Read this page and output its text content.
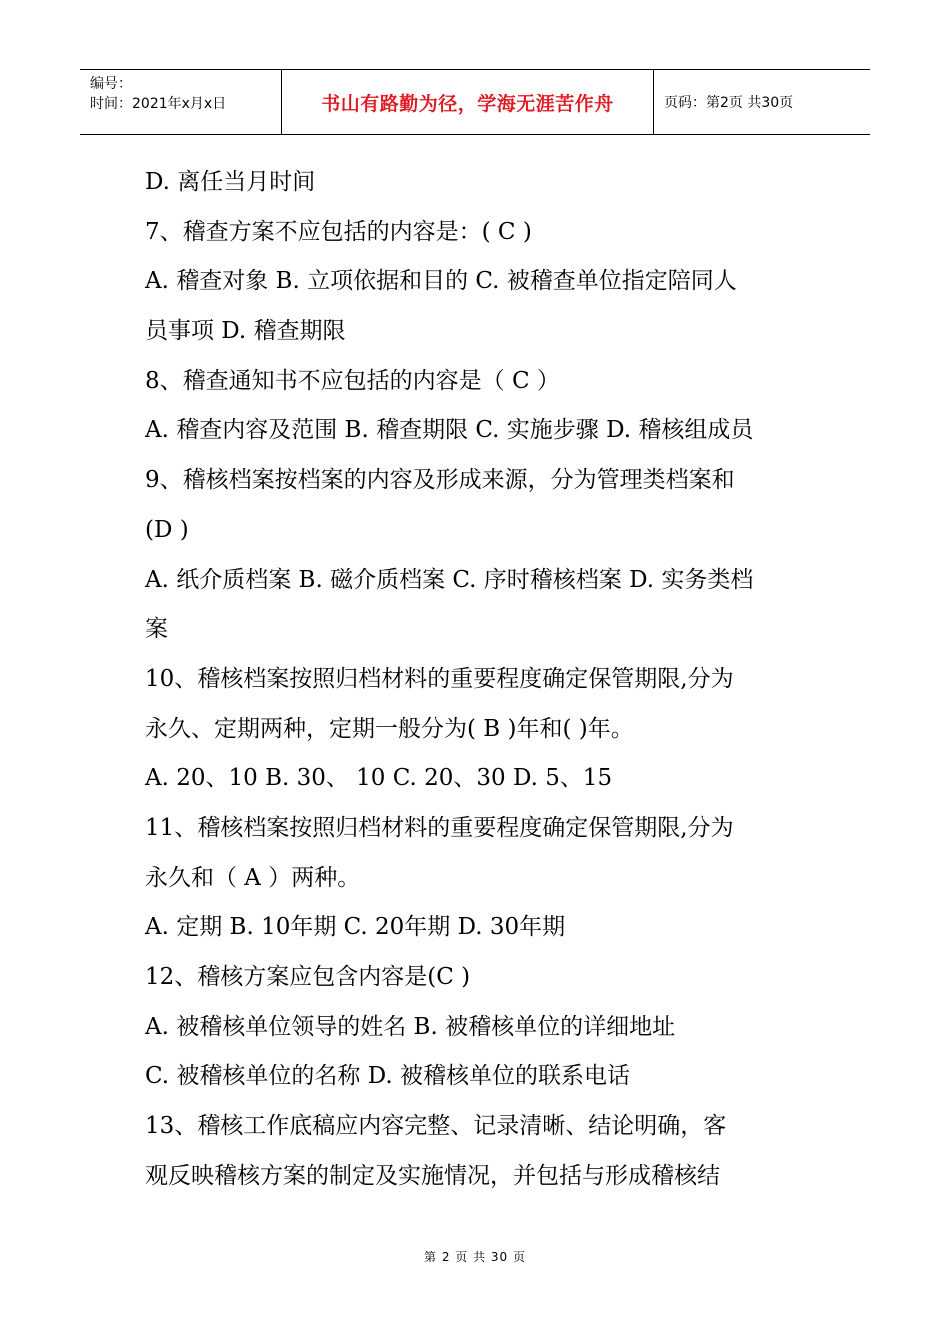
编号：
时间：2021年x月x日	书山有路勤为径，学海无涯苦作舟	页码：第2页 共30页
D. 离任当月时间
7、稽查方案不应包括的内容是：( C )
A. 稽查对象 B. 立项依据和目的 C. 被稽查单位指定陪同人
员事项 D. 稽查期限
8、稽查通知书不应包括的内容是（ C ）
A. 稽查内容及范围 B. 稽查期限 C. 实施步骤 D. 稽核组成员
9、稽核档案按档案的内容及形成来源，分为管理类档案和
(D )
A. 纸介质档案 B. 磁介质档案 C. 序时稽核档案 D. 实务类档
案
10、稽核档案按照归档材料的重要程度确定保管期限,分为
永久、定期两种，定期一般分为( B )年和( )年。
A. 20、10 B. 30、 10 C. 20、30 D. 5、15
11、稽核档案按照归档材料的重要程度确定保管期限,分为
永久和（ A ）两种。
A. 定期 B. 10年期 C. 20年期 D. 30年期
12、稽核方案应包含内容是(C )
A. 被稽核单位领导的姓名 B. 被稽核单位的详细地址
C. 被稽核单位的名称 D. 被稽核单位的联系电话
13、稽核工作底稿应内容完整、记录清晰、结论明确，客
观反映稽核方案的制定及实施情况，并包括与形成稽核结
第 2 页 共 30 页
